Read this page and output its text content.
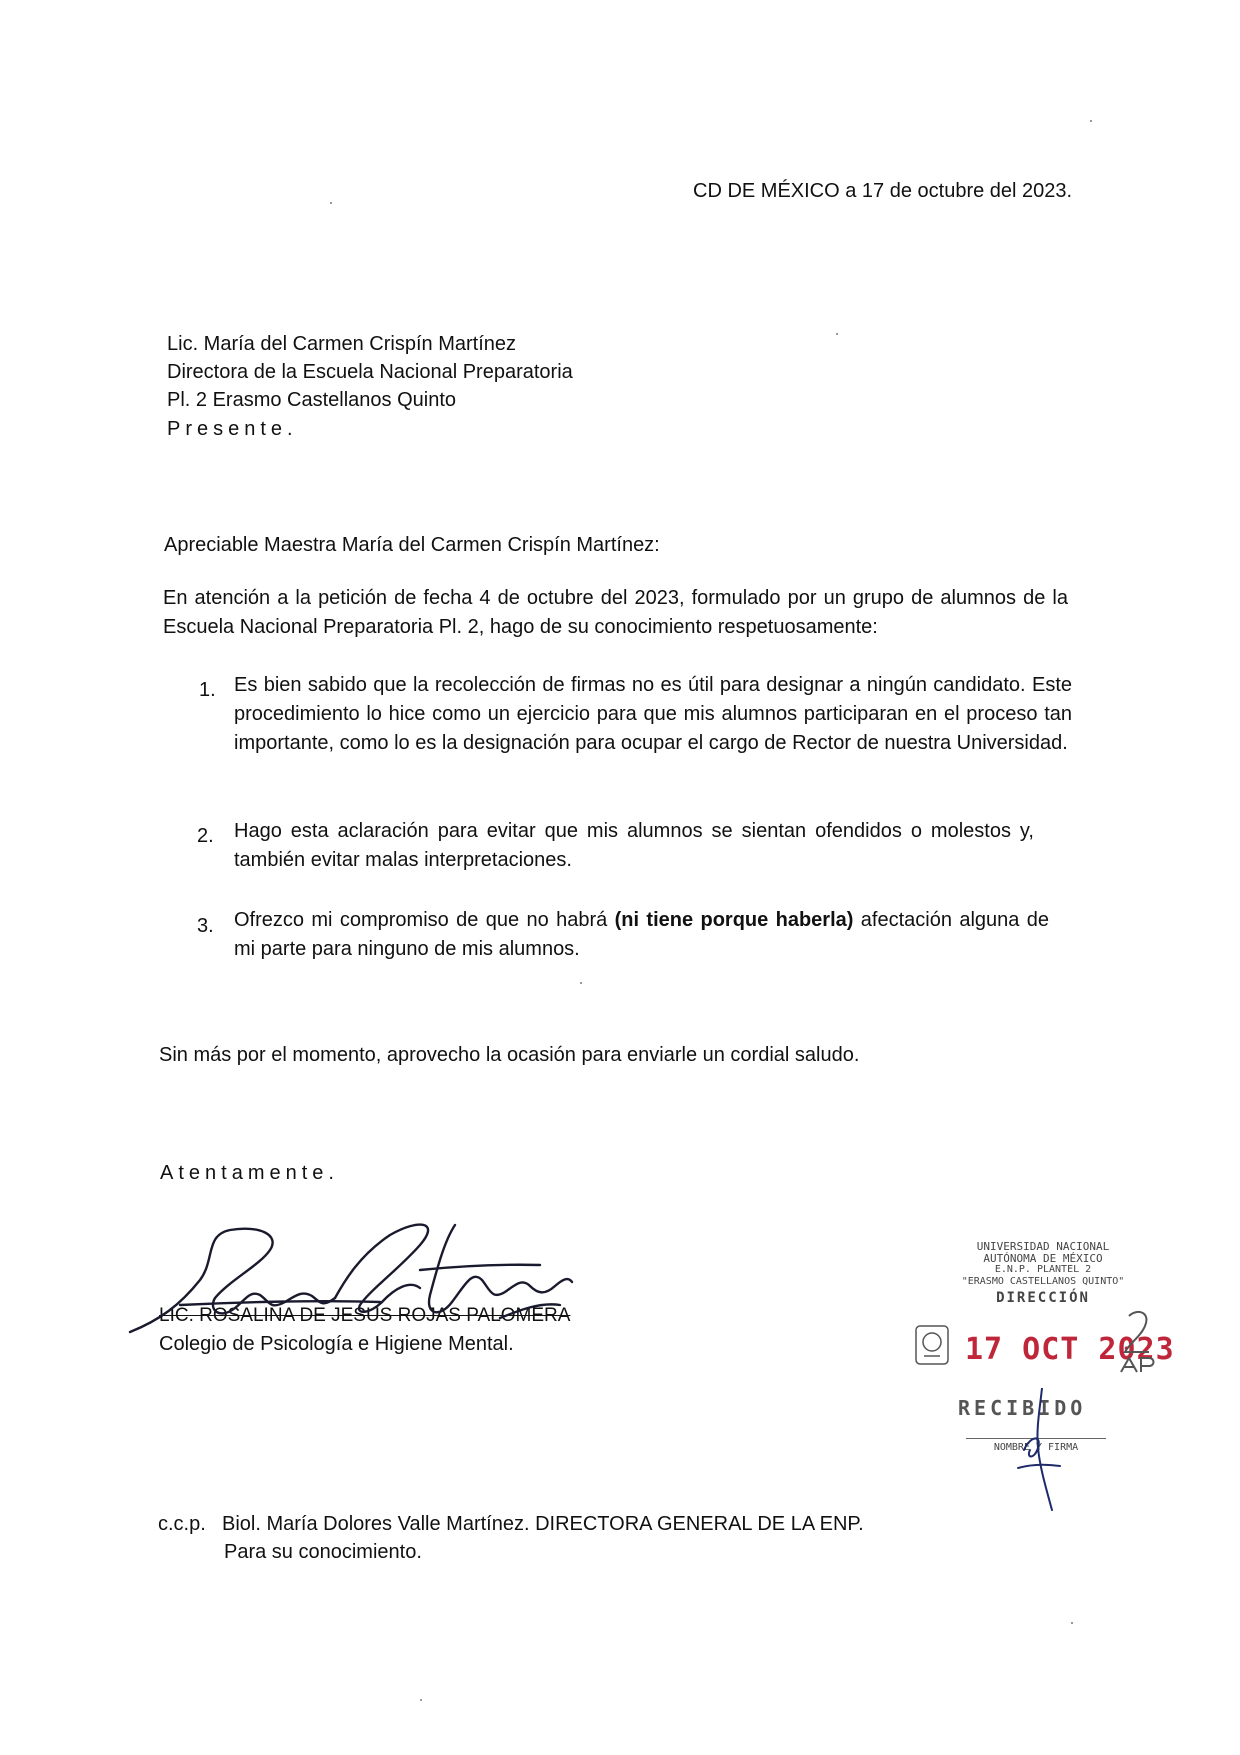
CD DE MÉXICO a 17 de octubre del 2023.
Lic. María del Carmen Crispín Martínez
Directora de la Escuela Nacional Preparatoria
Pl. 2 Erasmo Castellanos Quinto
Presente.
Apreciable Maestra María del Carmen Crispín Martínez:
En atención a la petición de fecha 4 de octubre del 2023, formulado por un grupo de alumnos de la Escuela Nacional Preparatoria Pl. 2, hago de su conocimiento respetuosamente:
1. Es bien sabido que la recolección de firmas no es útil para designar a ningún candidato. Este procedimiento lo hice como un ejercicio para que mis alumnos participaran en el proceso tan importante, como lo es la designación para ocupar el cargo de Rector de nuestra Universidad.
2. Hago esta aclaración para evitar que mis alumnos se sientan ofendidos o molestos y, también evitar malas interpretaciones.
3. Ofrezco mi compromiso de que no habrá (ni tiene porque haberla) afectación alguna de mi parte para ninguno de mis alumnos.
Sin más por el momento, aprovecho la ocasión para enviarle un cordial saludo.
Atentamente.
LIC. ROSALINA DE JESUS ROJAS PALOMERA
Colegio de Psicología e Higiene Mental.
UNIVERSIDAD NACIONAL
AUTÓNOMA DE MÉXICO
E.N.P. PLANTEL 2
"ERASMO CASTELLANOS QUINTO"
DIRECCIÓN
17 OCT 2023
RECIBIDO
NOMBRE Y FIRMA
c.c.p. Biol. María Dolores Valle Martínez. DIRECTORA GENERAL DE LA ENP.
Para su conocimiento.
